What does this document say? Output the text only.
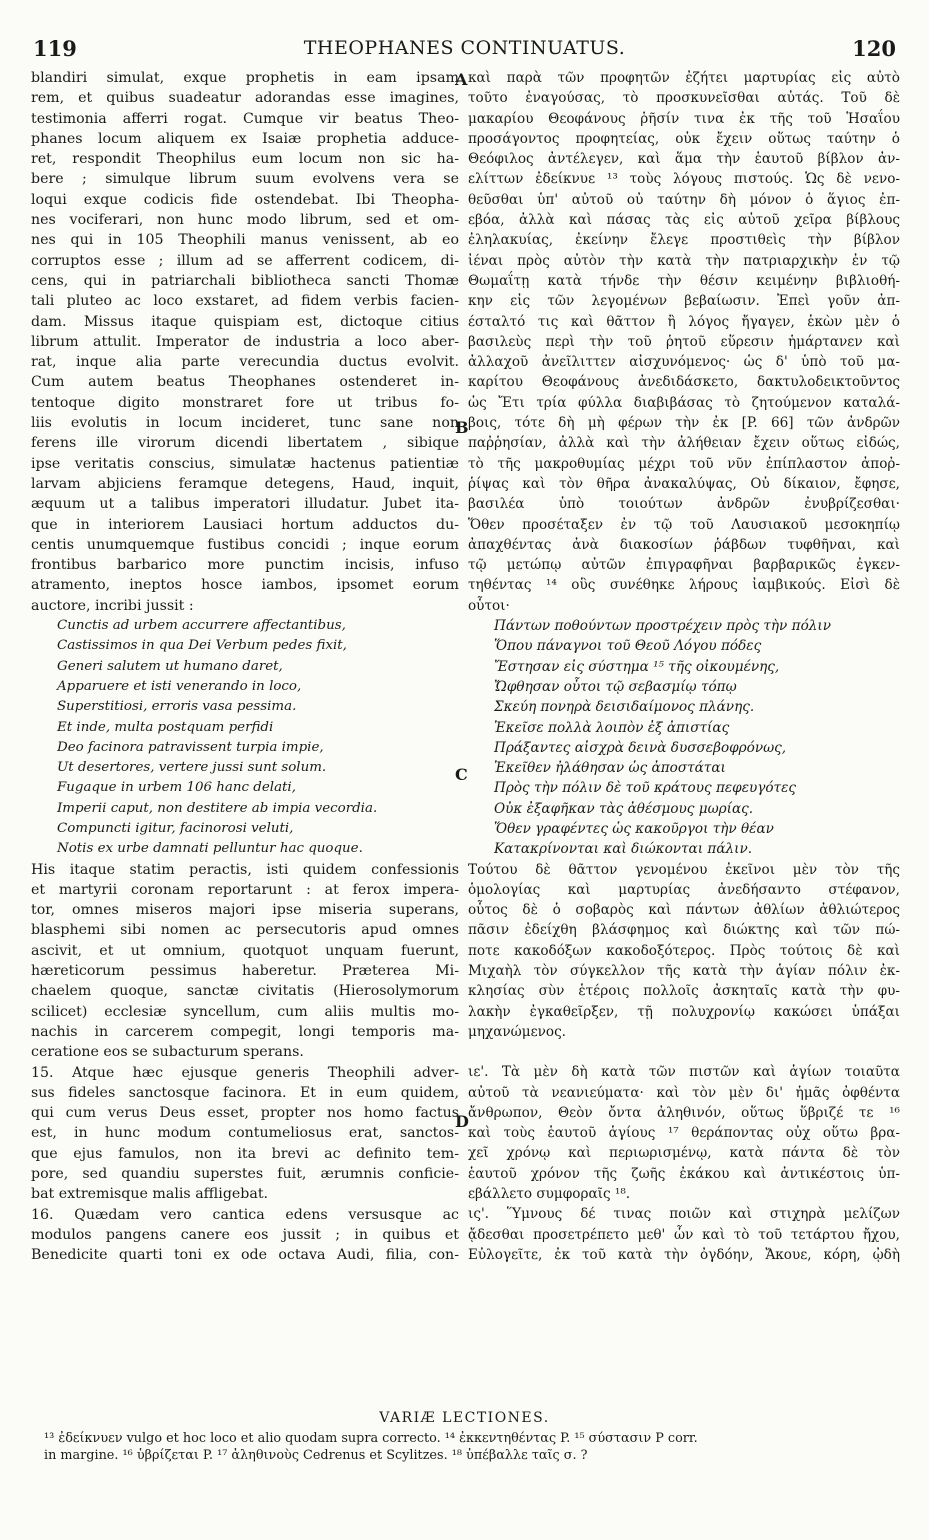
119	THEOPHANES CONTINUATUS.	120
blandiri simulat, exque prophetis in eam ipsam
rem, et quibus suadeatur adorandas esse imagines,
testimonia afferri rogat. Cumque vir beatus Theo-
phanes locum aliquem ex Isaiæ prophetia adduce-
ret, respondit Theophilus eum locum non sic ha-
bere ; simulque librum suum evolvens vera se
loqui exque codicis fide ostendebat. Ibi Theopha-
nes vociferari, non hunc modo librum, sed et om-
nes qui in 105 Theophili manus venissent, ab eo
corruptos esse ; illum ad se afferrent codicem, di-
cens, qui in patriarchali bibliotheca sancti Thomæ
tali pluteo ac loco exstaret, ad fidem verbis facien-
dam. Missus itaque quispiam est, dictoque citius
librum attulit. Imperator de industria a loco aber-
rat, inque alia parte verecundia ductus evolvit.
Cum autem beatus Theophanes ostenderet in-
tentoque digito monstraret fore ut tribus fo-
liis evolutis in locum incideret, tunc sane non
ferens ille virorum dicendi libertatem , sibique
ipse veritatis conscius, simulatæ hactenus patientiæ
larvam abjiciens feramque detegens, Haud, inquit,
æquum ut a talibus imperatori illudatur. Jubet ita-
que in interiorem Lausiaci hortum adductos du-
centis unumquemque fustibus concidi ; inque eorum
frontibus barbarico more punctim incisis, infuso
atramento, ineptos hosce iambos, ipsomet eorum
auctore, incribi jussit :
Cunctis ad urbem accurrere affectantibus,
Castissimos in qua Dei Verbum pedes fixit,
Generi salutem ut humano daret,
Apparuere et isti venerando in loco,
Superstitiosi, erroris vasa pessima.
Et inde, multa postquam perfidi
Deo facinora patravissent turpia impie,
Ut desertores, vertere jussi sunt solum.
Fugaque in urbem 106 hanc delati,
Imperii caput, non destitere ab impia vecordia.
Compuncti igitur, facinorosi veluti,
Notis ex urbe damnati pelluntur hac quoque.
His itaque statim peractis, isti quidem confessionis
et martyrii coronam reportarunt : at ferox impera-
tor, omnes miseros majori ipse miseria superans,
blasphemi sibi nomen ac persecutoris apud omnes
ascivit, et ut omnium, quotquot unquam fuerunt,
hæreticorum pessimus haberetur. Præterea Mi-
chaelem quoque, sanctæ civitatis (Hierosolymorum
scilicet) ecclesiæ syncellum, cum aliis multis mo-
nachis in carcerem compegit, longi temporis ma-
ceratione eos se subacturum sperans.
15. Atque hæc ejusque generis Theophili adver-
sus fideles sanctosque facinora. Et in eum quidem,
qui cum verus Deus esset, propter nos homo factus
est, in hunc modum contumeliosus erat, sanctos-
que ejus famulos, non ita brevi ac definito tem-
pore, sed quandiu superstes fuit, ærumnis conficie-
bat extremisque malis affligebat.
16. Quædam vero cantica edens versusque ac
modulos pangens canere eos jussit ; in quibus et
Benedicite quarti toni ex ode octava Audi, filia, con-
καὶ παρὰ τῶν προφητῶν ἐζήτει μαρτυρίας εἰς αὐτὸ
τοῦτο ἐναγούσας, τὸ προσκυνεῖσθαι αὐτάς. Τοῦ δὲ
μακαρίου Θεοφάνους ῥῆσίν τινα ἐκ τῆς τοῦ Ἡσαΐου
προσάγοντος προφητείας, οὐκ ἔχειν οὕτως ταύτην ὁ
Θεόφιλος ἀντέλεγεν, καὶ ἅμα τὴν ἑαυτοῦ βίβλον ἀν-
ελίττων ἐδείκνυε ¹³ τοὺς λόγους πιστούς. Ὡς δὲ νενο-
θεῦσθαι ὑπ' αὐτοῦ οὐ ταύτην δὴ μόνον ὁ ἅγιος ἐπ-
εβόα, ἀλλὰ καὶ πάσας τὰς εἰς αὐτοῦ χεῖρα βίβλους
ἐληλακυίας, ἐκείνην ἔλεγε προστιθεὶς τὴν βίβλον
ἰέναι πρὸς αὐτὸν τὴν κατὰ τὴν πατριαρχικὴν ἐν τῷ
Θωμαΐτῃ κατὰ τήνδε τὴν θέσιν κειμένην βιβλιοθή-
κην εἰς τῶν λεγομένων βεβαίωσιν. Ἐπεὶ γοῦν ἀπ-
έσταλτό τις καὶ θᾶττον ἢ λόγος ἤγαγεν, ἑκὼν μὲν ὁ
βασιλεὺς περὶ τὴν τοῦ ῥητοῦ εὕρεσιν ἡμάρτανεν καὶ
ἀλλαχοῦ ἀνεῖλιττεν αἰσχυνόμενος· ὡς δ' ὑπὸ τοῦ μα-
καρίτου Θεοφάνους ἀνεδιδάσκετο, δακτυλοδεικτοῦντος
ὡς Ἔτι τρία φύλλα διαβιβάσας τὸ ζητούμενον καταλά-
βοις, τότε δὴ μὴ φέρων τὴν ἐκ [P. 66] τῶν ἀνδρῶν
παῤῥησίαν, ἀλλὰ καὶ τὴν ἀλήθειαν ἔχειν οὕτως εἰδώς,
τὸ τῆς μακροθυμίας μέχρι τοῦ νῦν ἐπίπλαστον ἀποῤ-
ῥίψας καὶ τὸν θῆρα ἀνακαλύψας, Οὐ δίκαιον, ἔφησε,
βασιλέα ὑπὸ τοιούτων ἀνδρῶν ἐνυβρίζεσθαι·
Ὅθεν προσέταξεν ἐν τῷ τοῦ Λαυσιακοῦ μεσοκηπίῳ
ἀπαχθέντας ἀνὰ διακοσίων ῥάβδων τυφθῆναι, καὶ
τῷ μετώπῳ αὐτῶν ἐπιγραφῆναι βαρβαρικῶς ἐγκεν-
τηθέντας ¹⁴ οὓς συνέθηκε λήρους ἰαμβικούς. Εἰσὶ δὲ
οὗτοι·
Πάντων ποθούντων προστρέχειν πρὸς τὴν πόλιν
Ὅπου πάναγνοι τοῦ Θεοῦ Λόγου πόδες
Ἔστησαν εἰς σύστημα ¹⁵ τῆς οἰκουμένης,
Ὤφθησαν οὗτοι τῷ σεβασμίῳ τόπῳ
Σκεύη πονηρὰ δεισιδαίμονος πλάνης.
Ἐκεῖσε πολλὰ λοιπὸν ἐξ ἀπιστίας
Πράξαντες αἰσχρὰ δεινὰ δυσσεβοφρόνως,
Ἐκεῖθεν ἠλάθησαν ὡς ἀποστάται
Πρὸς τὴν πόλιν δὲ τοῦ κράτους πεφευγότες
Οὐκ ἐξαφῆκαν τὰς ἀθέσμους μωρίας.
Ὅθεν γραφέντες ὡς κακοῦργοι τὴν θέαν
Κατακρίνονται καὶ διώκονται πάλιν.
Τούτου δὲ θᾶττον γενομένου ἐκεῖνοι μὲν τὸν τῆς
ὁμολογίας καὶ μαρτυρίας ἀνεδήσαντο στέφανον,
οὗτος δὲ ὁ σοβαρὸς καὶ πάντων ἀθλίων ἀθλιώτερος
πᾶσιν ἐδείχθη βλάσφημος καὶ διώκτης καὶ τῶν πώ-
ποτε κακοδόξων κακοδοξότερος. Πρὸς τούτοις δὲ καὶ
Μιχαὴλ τὸν σύγκελλον τῆς κατὰ τὴν ἁγίαν πόλιν ἐκ-
κλησίας σὺν ἑτέροις πολλοῖς ἀσκηταῖς κατὰ τὴν φυ-
λακὴν ἐγκαθεῖρξεν, τῇ πολυχρονίῳ κακώσει ὑπάξαι
μηχανώμενος.
ιε'. Τὰ μὲν δὴ κατὰ τῶν πιστῶν καὶ ἁγίων τοιαῦτα
αὐτοῦ τὰ νεανιεύματα· καὶ τὸν μὲν δι' ἡμᾶς ὀφθέντα
ἄνθρωπον, Θεὸν ὄντα ἀληθινόν, οὕτως ὕβριζέ τε ¹⁶
καὶ τοὺς ἑαυτοῦ ἁγίους ¹⁷ θεράποντας οὐχ οὕτω βρα-
χεῖ χρόνῳ καὶ περιωρισμένῳ, κατὰ πάντα δὲ τὸν
ἑαυτοῦ χρόνον τῆς ζωῆς ἐκάκου καὶ ἀντικέστοις ὑπ-
εβάλλετο συμφοραῖς ¹⁸.
ις'. Ὕμνους δέ τινας ποιῶν καὶ στιχηρὰ μελίζων
ᾄδεσθαι προσετρέπετο μεθ' ὧν καὶ τὸ τοῦ τετάρτου ἤχου,
Εὐλογεῖτε, ἐκ τοῦ κατὰ τὴν ὀγδόην, Ἄκουε, κόρη, ᾠδὴ
A
B
C
D
VARIÆ LECTIONES.
¹³ ἐδείκνυεν vulgo et hoc loco et alio quodam supra correcto. ¹⁴ ἐκκεντηθέντας P. ¹⁵ σύστασιν P corr.
in margine. ¹⁶ ὑβρίζεται P. ¹⁷ ἀληθινοὺς Cedrenus et Scylitzes. ¹⁸ ὑπέβαλλε ταῖς σ. ?
